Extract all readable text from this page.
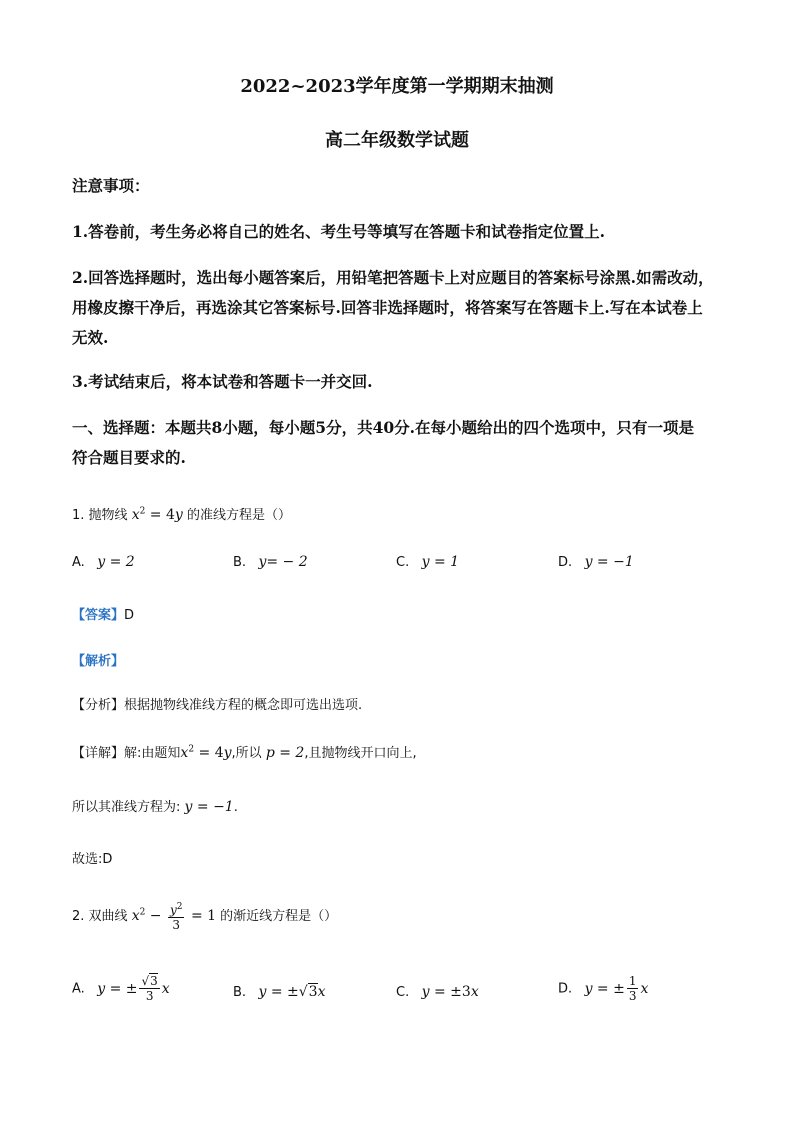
2022~2023学年度第一学期期末抽测
高二年级数学试题
注意事项：
1.答卷前，考生务必将自己的姓名、考生号等填写在答题卡和试卷指定位置上.
2.回答选择题时，选出每小题答案后，用铅笔把答题卡上对应题目的答案标号涂黑.如需改动，
用橡皮擦干净后，再选涂其它答案标号.回答非选择题时，将答案写在答题卡上.写在本试卷上
无效.
3.考试结束后，将本试卷和答题卡一并交回.
一、选择题：本题共8小题，每小题5分，共40分.在每小题给出的四个选项中，只有一项是
符合题目要求的.
1. 抛物线 $x^2 = 4y$ 的准线方程是（）
A. y = 2	B. y= − 2	C. y = 1	D. y = −1
【答案】D
【解析】
【分析】根据抛物线准线方程的概念即可选出选项.
【详解】解:由题知$x^2 = 4y$,所以 p = 2,且抛物线开口向上,
所以其准线方程为: y = −1.
故选:D
2. 双曲线 $x^2 - \frac{y^2}{3} = 1$ 的渐近线方程是（）
A. y = ± $\frac{√3}{3}$ x	B. y = ±√3x	C. y = ±3x	D. y = ± $\frac{1}{3}$ x
